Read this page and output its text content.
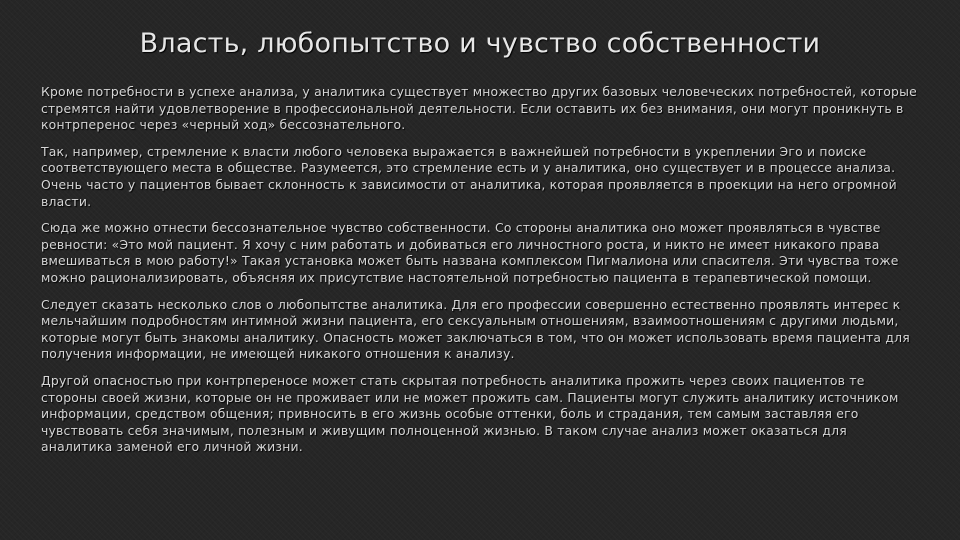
Власть, любопытство и чувство собственности

Кроме потребности в успехе анализа, у аналитика существует множество других базовых человеческих потребностей, которые стремятся найти удовлетворение в профессиональной деятельности. Если оставить их без внимания, они могут проникнуть в контрперенос через «черный ход» бессознательного.

Так, например, стремление к власти любого человека выражается в важнейшей потребности в укреплении Эго и поиске соответствующего места в обществе. Разумеется, это стремление есть и у аналитика, оно существует и в процессе анализа. Очень часто у пациентов бывает склонность к зависимости от аналитика, которая проявляется в проекции на него огромной власти.

Сюда же можно отнести бессознательное чувство собственности. Со стороны аналитика оно может проявляться в чувстве ревности: «Это мой пациент. Я хочу с ним работать и добиваться его личностного роста, и никто не имеет никакого права вмешиваться в мою работу!» Такая установка может быть названа комплексом Пигмалиона или спасителя. Эти чувства тоже можно рационализировать, объясняя их присутствие настоятельной потребностью пациента в терапевтической помощи.

Следует сказать несколько слов о любопытстве аналитика. Для его профессии совершенно естественно проявлять интерес к мельчайшим подробностям интимной жизни пациента, его сексуальным отношениям, взаимоотношениям с другими людьми, которые могут быть знакомы аналитику. Опасность может заключаться в том, что он может использовать время пациента для получения информации, не имеющей никакого отношения к анализу.

Другой опасностью при контрпереносе может стать скрытая потребность аналитика прожить через своих пациентов те стороны своей жизни, которые он не проживает или не может прожить сам. Пациенты могут служить аналитику источником информации, средством общения; привносить в его жизнь особые оттенки, боль и страдания, тем самым заставляя его чувствовать себя значимым, полезным и живущим полноценной жизнью. В таком случае анализ может оказаться для аналитика заменой его личной жизни.
